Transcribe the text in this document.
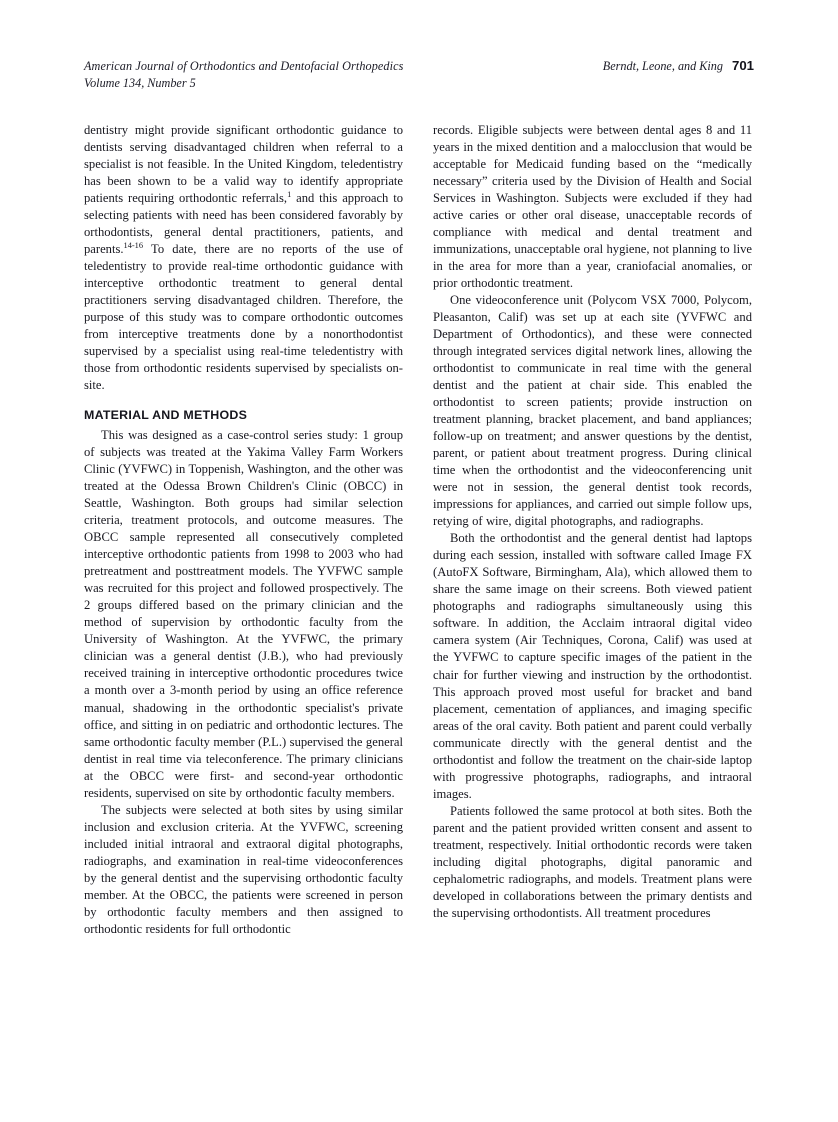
American Journal of Orthodontics and Dentofacial Orthopedics	Berndt, Leone, and King 701
Volume 134, Number 5

dentistry might provide significant orthodontic guidance to dentists serving disadvantaged children when referral to a specialist is not feasible. In the United Kingdom, teledentistry has been shown to be a valid way to identify appropriate patients requiring orthodontic referrals,$^1$ and this approach to selecting patients with need has been considered favorably by orthodontists, general dental practitioners, patients, and parents.$^{14-16}$ To date, there are no reports of the use of teledentistry to provide real-time orthodontic guidance with interceptive orthodontic treatment to general dental practitioners serving disadvantaged children. Therefore, the purpose of this study was to compare orthodontic outcomes from interceptive treatments done by a nonorthodontist supervised by a specialist using real-time teledentistry with those from orthodontic residents supervised by specialists on-site.

MATERIAL AND METHODS

This was designed as a case-control series study: 1 group of subjects was treated at the Yakima Valley Farm Workers Clinic (YVFWC) in Toppenish, Washington, and the other was treated at the Odessa Brown Children's Clinic (OBCC) in Seattle, Washington. Both groups had similar selection criteria, treatment protocols, and outcome measures. The OBCC sample represented all consecutively completed interceptive orthodontic patients from 1998 to 2003 who had pretreatment and posttreatment models. The YVFWC sample was recruited for this project and followed prospectively. The 2 groups differed based on the primary clinician and the method of supervision by orthodontic faculty from the University of Washington. At the YVFWC, the primary clinician was a general dentist (J.B.), who had previously received training in interceptive orthodontic procedures twice a month over a 3-month period by using an office reference manual, shadowing in the orthodontic specialist's private office, and sitting in on pediatric and orthodontic lectures. The same orthodontic faculty member (P.L.) supervised the general dentist in real time via teleconference. The primary clinicians at the OBCC were first- and second-year orthodontic residents, supervised on site by orthodontic faculty members.

The subjects were selected at both sites by using similar inclusion and exclusion criteria. At the YVFWC, screening included initial intraoral and extraoral digital photographs, radiographs, and examination in real-time videoconferences by the general dentist and the supervising orthodontic faculty member. At the OBCC, the patients were screened in person by orthodontic faculty members and then assigned to orthodontic residents for full orthodontic

records. Eligible subjects were between dental ages 8 and 11 years in the mixed dentition and a malocclusion that would be acceptable for Medicaid funding based on the “medically necessary” criteria used by the Division of Health and Social Services in Washington. Subjects were excluded if they had active caries or other oral disease, unacceptable records of compliance with medical and dental treatment and immunizations, unacceptable oral hygiene, not planning to live in the area for more than a year, craniofacial anomalies, or prior orthodontic treatment.

One videoconference unit (Polycom VSX 7000, Polycom, Pleasanton, Calif) was set up at each site (YVFWC and Department of Orthodontics), and these were connected through integrated services digital network lines, allowing the orthodontist to communicate in real time with the general dentist and the patient at chair side. This enabled the orthodontist to screen patients; provide instruction on treatment planning, bracket placement, and band appliances; follow-up on treatment; and answer questions by the dentist, parent, or patient about treatment progress. During clinical time when the orthodontist and the videoconferencing unit were not in session, the general dentist took records, impressions for appliances, and carried out simple follow ups, retying of wire, digital photographs, and radiographs.

Both the orthodontist and the general dentist had laptops during each session, installed with software called Image FX (AutoFX Software, Birmingham, Ala), which allowed them to share the same image on their screens. Both viewed patient photographs and radiographs simultaneously using this software. In addition, the Acclaim intraoral digital video camera system (Air Techniques, Corona, Calif) was used at the YVFWC to capture specific images of the patient in the chair for further viewing and instruction by the orthodontist. This approach proved most useful for bracket and band placement, cementation of appliances, and imaging specific areas of the oral cavity. Both patient and parent could verbally communicate directly with the general dentist and the orthodontist and follow the treatment on the chair-side laptop with progressive photographs, radiographs, and intraoral images.

Patients followed the same protocol at both sites. Both the parent and the patient provided written consent and assent to treatment, respectively. Initial orthodontic records were taken including digital photographs, digital panoramic and cephalometric radiographs, and models. Treatment plans were developed in collaborations between the primary dentists and the supervising orthodontists. All treatment procedures
